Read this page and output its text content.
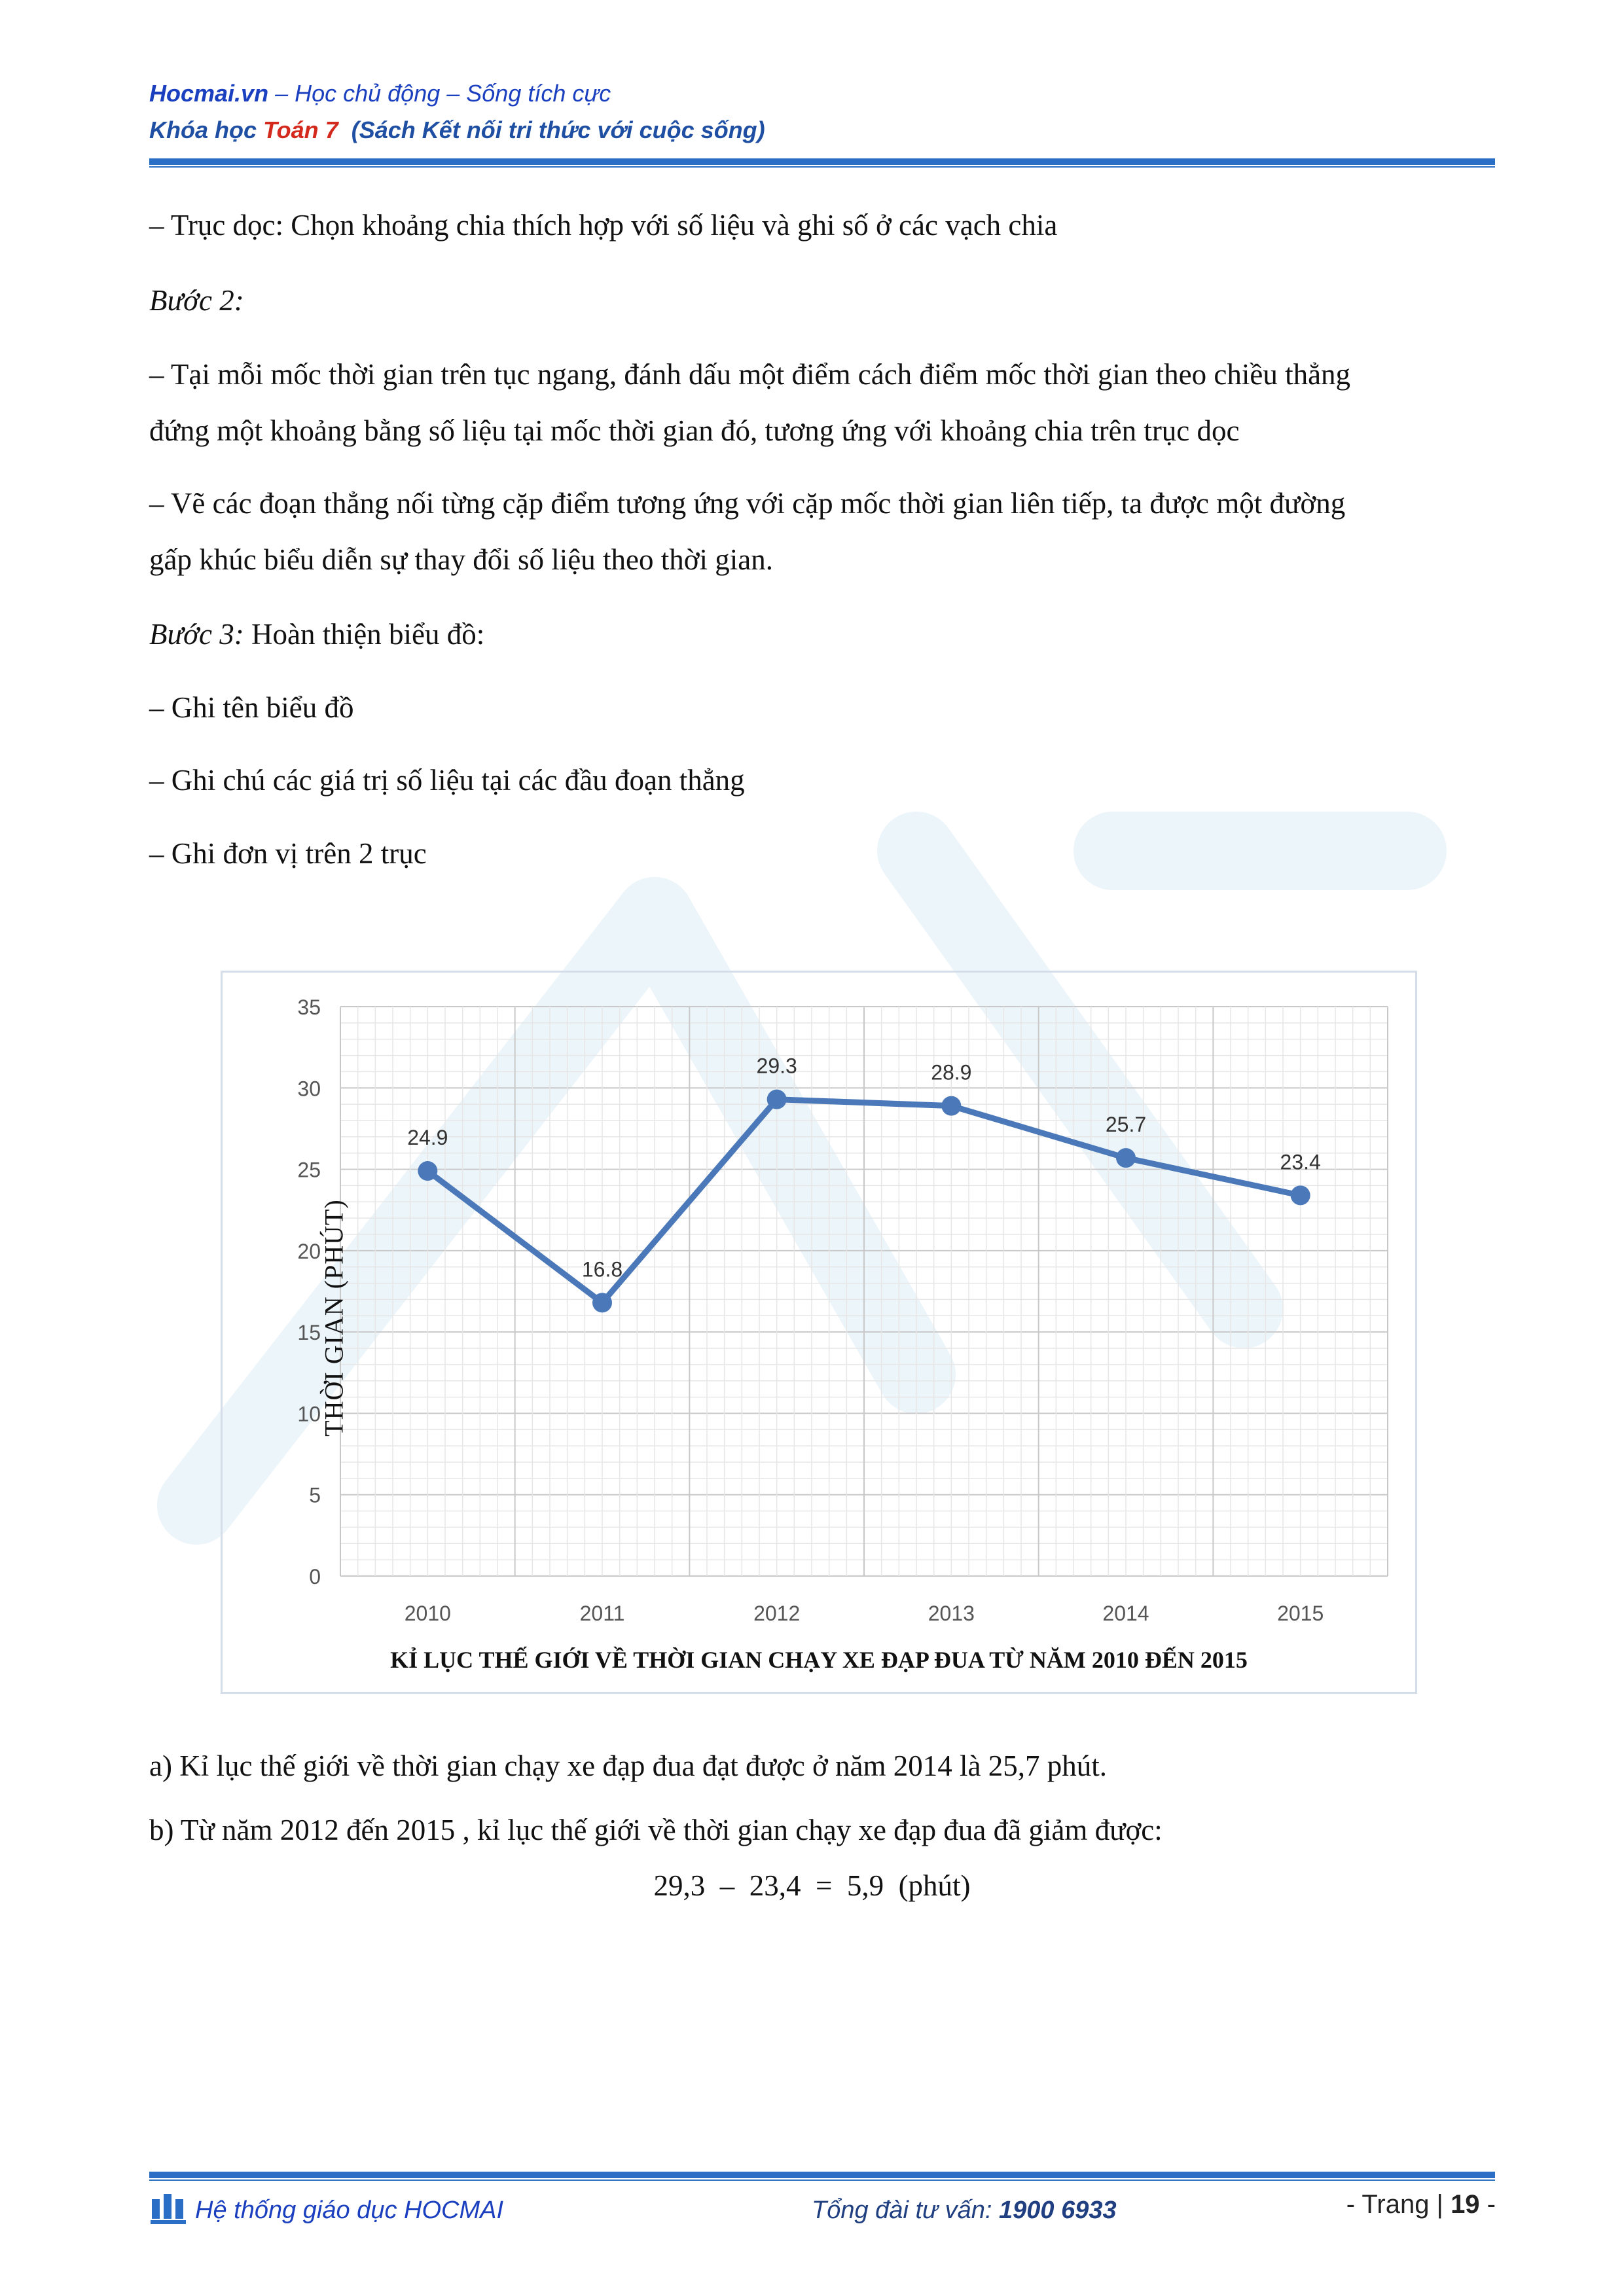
Hocmai.vn – Học chủ động – Sống tích cực
Khóa học Toán 7 (Sách Kết nối tri thức với cuộc sống)
– Trục dọc: Chọn khoảng chia thích hợp với số liệu và ghi số ở các vạch chia
Bước 2:
– Tại mỗi mốc thời gian trên tục ngang, đánh dấu một điểm cách điểm mốc thời gian theo chiều thẳng
đứng một khoảng bằng số liệu tại mốc thời gian đó, tương ứng với khoảng chia trên trục dọc
– Vẽ các đoạn thẳng nối từng cặp điểm tương ứng với cặp mốc thời gian liên tiếp, ta được một đường
gấp khúc biểu diễn sự thay đổi số liệu theo thời gian.
Bước 3: Hoàn thiện biểu đồ:
– Ghi tên biểu đồ
– Ghi chú các giá trị số liệu tại các đầu đoạn thẳng
– Ghi đơn vị trên 2 trục
0
5
10
15
20
25
30
35
2010	2011	2012	2013	2014	2015
24.9
16.8
29.3	28.9
25.7
23.4
THỜI GIAN (PHÚT)
KỈ LỤC THẾ GIỚI VỀ THỜI GIAN CHẠY XE ĐẠP ĐUA TỪ NĂM 2010 ĐẾN 2015
a) Kỉ lục thế giới về thời gian chạy xe đạp đua đạt được ở năm 2014 là 25,7 phút.
b) Từ năm 2012 đến 2015 , kỉ lục thế giới về thời gian chạy xe đạp đua đã giảm được:
29,3  –  23,4  =  5,9  (phút)
Hệ thống giáo dục HOCMAI	Tổng đài tư vấn: 1900 6933	- Trang | 19 -
